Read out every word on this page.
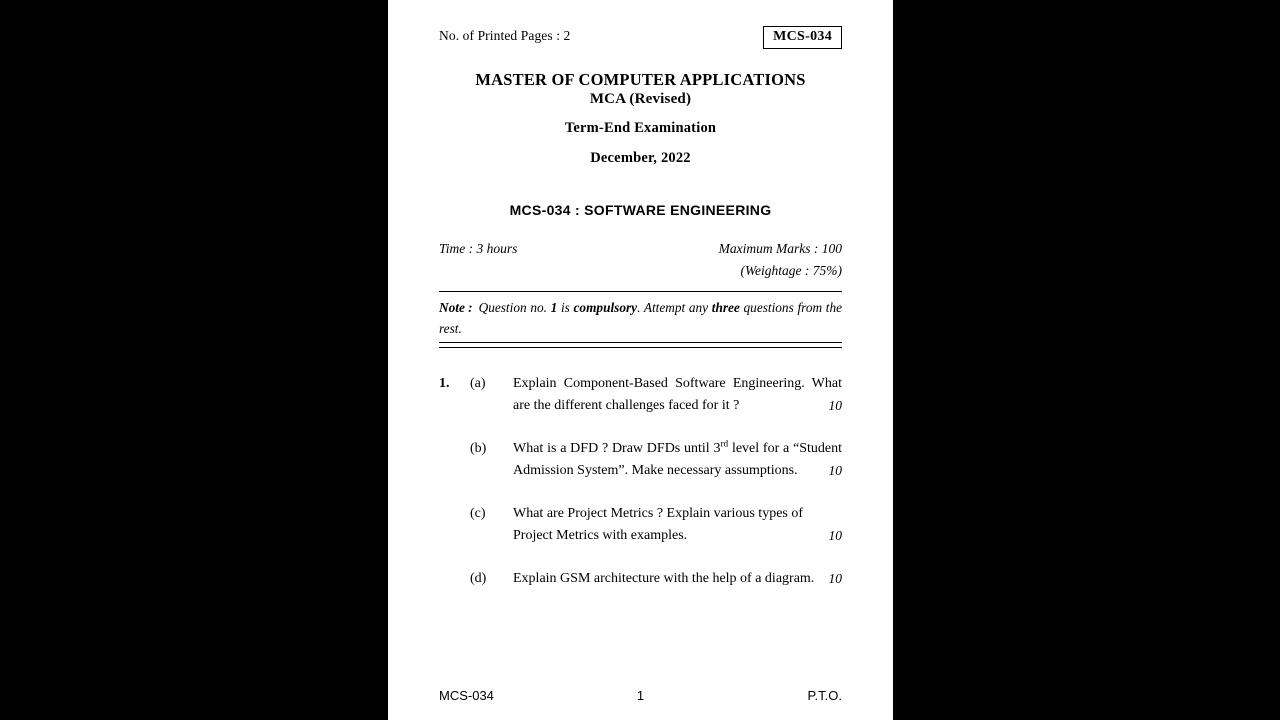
No. of Printed Pages : 2	MCS-034
MASTER OF COMPUTER APPLICATIONS
MCA (Revised)
Term-End Examination
December, 2022
MCS-034 : SOFTWARE ENGINEERING
Time : 3 hours	Maximum Marks : 100
(Weightage : 75%)
Note : Question no. 1 is compulsory. Attempt any three questions from the rest.
1.	(a)	Explain Component-Based Software Engineering. What are the different challenges faced for it ?	10
(b)	What is a DFD ? Draw DFDs until 3rd level for a “Student Admission System”. Make necessary assumptions. 10
(c)	What are Project Metrics ? Explain various types of Project Metrics with examples.	10
(d)	Explain GSM architecture with the help of a diagram. 10
MCS-034	1	P.T.O.
